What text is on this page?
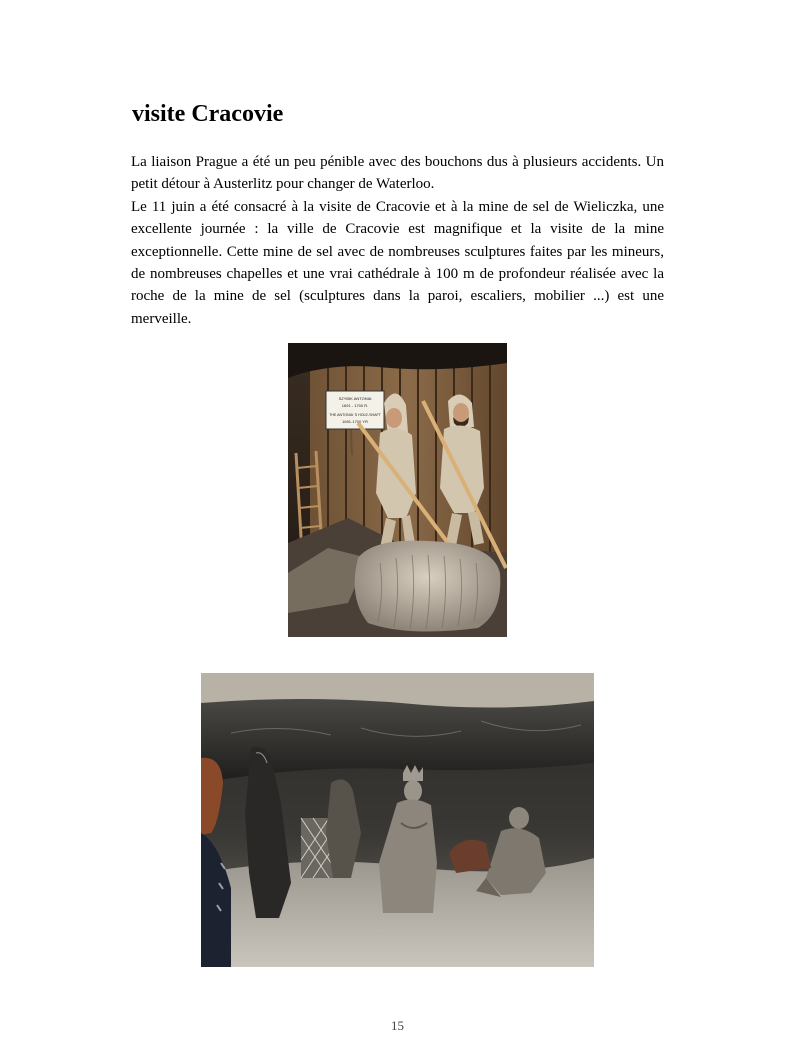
visite Cracovie

La liaison Prague a été un peu pénible avec des bouchons dus à plusieurs accidents. Un petit détour à Austerlitz pour changer de Waterloo.

Le 11 juin a été consacré à la visite de Cracovie et à la mine de sel de Wieliczka, une excellente journée : la ville de Cracovie est magnifique et la visite de la mine exceptionnelle. Cette mine de sel avec de nombreuses sculptures faites par les mineurs, de nombreuses chapelles et une vrai cathédrale à 100 m de profondeur réalisée avec la roche de la mine de sel (sculptures dans la paroi, escaliers, mobilier ...) est une merveille.

SZYBIK ANTONIA
1691 - 1700 R.
THE ANTONIA' S HOLE-SHAFT
1691-1700 YR
15
